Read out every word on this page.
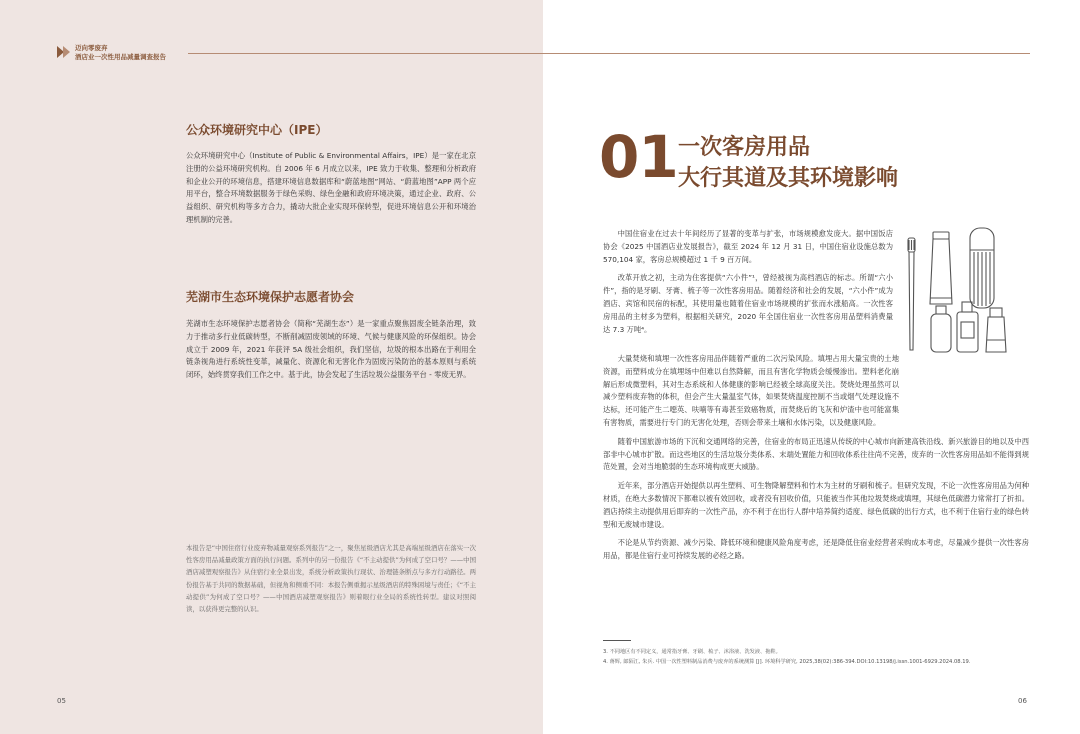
迈向零废弃
酒店业一次性用品减量调查报告
公众环境研究中心（IPE）
公众环境研究中心（Institute of Public & Environmental Affairs，IPE）是一家在北京注册的公益环境研究机构。自 2006 年 6 月成立以来，IPE 致力于收集、整理和分析政府和企业公开的环境信息，搭建环境信息数据库和“蔚蓝地图”网站、“蔚蓝地图”APP 两个应用平台，整合环境数据服务于绿色采购、绿色金融和政府环境决策，通过企业、政府、公益组织、研究机构等多方合力，撬动大批企业实现环保转型，促进环境信息公开和环境治理机制的完善。
芜湖市生态环境保护志愿者协会
芜湖市生态环境保护志愿者协会（简称“芜湖生态”）是一家重点聚焦固废全链条治理，致力于推动多行业低碳转型，不断削减固废领域的环境、气候与健康风险的环保组织。协会成立于 2009 年，2021 年获评 5A 级社会组织，我们坚信，垃圾的根本出路在于利用全链条视角进行系统性变革，减量化、资源化和无害化作为固废污染防治的基本原则与系统闭环，始终贯穿我们工作之中。基于此，协会发起了生活垃圾公益服务平台 - 零废无界。
本报告是“中国住宿行业废弃物减量观察系列报告”之一，聚焦星级酒店尤其是高端星级酒店在落实一次性客房用品减量政策方面的执行问题。系列中的另一份报告《“不主动提供”为何成了空口号？——中国酒店减塑观察报告》从住宿行业全景出发，系统分析政策执行现状、治理链条断点与多方行动路径。两份报告基于共同的数据基础，但视角和侧重不同：本报告侧重揭示星级酒店的特殊困境与责任；《“不主动提供”为何成了空口号？——中国酒店减塑观察报告》则着眼行业全局的系统性转型。建议对照阅读，以获得更完整的认识。
05
01 一次客房用品
大行其道及其环境影响

中国住宿业在过去十年间经历了显著的变革与扩张，市场规模愈发庞大。据中国饭店协会《2025 中国酒店业发展报告》，截至 2024 年 12 月 31 日，中国住宿业设施总数为 570,104 家，客房总规模超过 1 千 9 百万间。

改革开放之初，主动为住客提供“六小件”¹，曾经被视为高档酒店的标志。所谓“六小件”，指的是牙刷、牙膏、梳子等一次性客房用品。随着经济和社会的发展，“六小件”成为酒店、宾馆和民宿的标配，其使用量也随着住宿业市场规模的扩张而水涨船高。一次性客房用品的主材多为塑料，根据相关研究，2020 年全国住宿业一次性客房用品塑料消费量达 7.3 万吨⁴。

大量焚烧和填埋一次性客房用品伴随着严重的二次污染风险。填埋占用大量宝贵的土地资源，而塑料成分在填埋场中但难以自然降解，而且有害化学物质会缓慢渗出。塑料老化崩解后形成微塑料，其对生态系统和人体健康的影响已经被全球高度关注。焚烧处理虽然可以减少塑料废弃物的体积，但会产生大量温室气体，如果焚烧温度控制不当或烟气处理设施不达标，还可能产生二噁英、呋喃等有毒甚至致癌物质，而焚烧后的飞灰和炉渣中也可能富集有害物质，需要进行专门的无害化处理，否则会带来土壤和水体污染，以及健康风险。

随着中国旅游市场的下沉和交通网络的完善，住宿业的布局正迅速从传统的中心城市向新建高铁沿线、新兴旅游目的地以及中西部非中心城市扩散。而这些地区的生活垃圾分类体系、末端处置能力和回收体系往往尚不完善，废弃的一次性客房用品如不能得到规范处置，会对当地脆弱的生态环境构成更大威胁。

近年来，部分酒店开始提供以再生塑料、可生物降解塑料和竹木为主材的牙刷和梳子。但研究发现，不论一次性客房用品为何种材质，在绝大多数情况下都难以被有效回收，或者没有回收价值，只能被当作其他垃圾焚烧或填埋，其绿色低碳潜力常常打了折扣。酒店持续主动提供用后即弃的一次性产品，亦不利于在出行人群中培养简约适度、绿色低碳的出行方式，也不利于住宿行业的绿色转型和无废城市建设。

不论是从节约资源、减少污染、降低环境和健康风险角度考虑，还是降低住宿业经营者采购成本考虑，尽量减少提供一次性客房用品，都是住宿行业可持续发展的必经之路。

3. 不同地区有不同定义，通常指牙膏、牙刷、梳子、沐浴液、洗发液、拖鞋。
4. 蒋辉, 郎陌江, 朱兵. 中国一次性塑料制品消费与废弃的系统测算 [J]. 环境科学研究, 2025,38(02):386-394.DOI:10.13198/j.issn.1001-6929.2024.08.19.
06
